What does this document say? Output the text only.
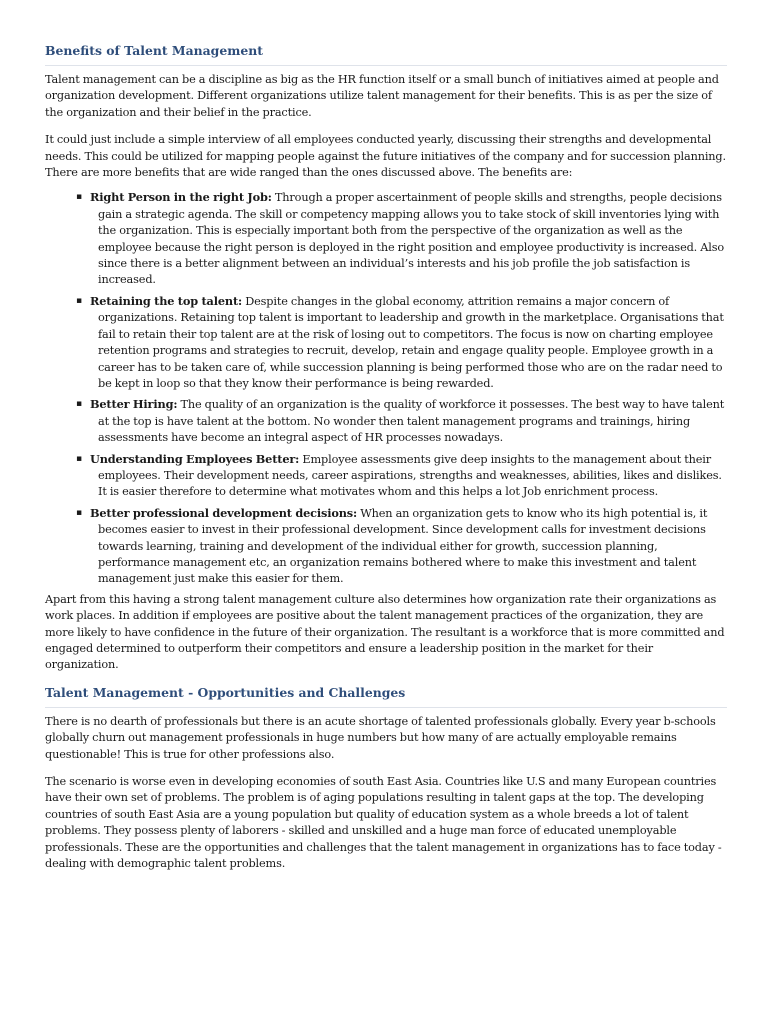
Benefits of Talent Management

Talent management can be a discipline as big as the HR function itself or a small bunch of initiatives aimed at people and organization development. Different organizations utilize talent management for their benefits. This is as per the size of the organization and their belief in the practice.

It could just include a simple interview of all employees conducted yearly, discussing their strengths and developmental needs. This could be utilized for mapping people against the future initiatives of the company and for succession planning. There are more benefits that are wide ranged than the ones discussed above. The benefits are:

▪ Right Person in the right Job: Through a proper ascertainment of people skills and strengths, people decisions gain a strategic agenda. The skill or competency mapping allows you to take stock of skill inventories lying with the organization. This is especially important both from the perspective of the organization as well as the employee because the right person is deployed in the right position and employee productivity is increased. Also since there is a better alignment between an individual’s interests and his job profile the job satisfaction is increased.
▪ Retaining the top talent: Despite changes in the global economy, attrition remains a major concern of organizations. Retaining top talent is important to leadership and growth in the marketplace. Organisations that fail to retain their top talent are at the risk of losing out to competitors. The focus is now on charting employee retention programs and strategies to recruit, develop, retain and engage quality people. Employee growth in a career has to be taken care of, while succession planning is being performed those who are on the radar need to be kept in loop so that they know their performance is being rewarded.
▪ Better Hiring: The quality of an organization is the quality of workforce it possesses. The best way to have talent at the top is have talent at the bottom. No wonder then talent management programs and trainings, hiring assessments have become an integral aspect of HR processes nowadays.
▪ Understanding Employees Better: Employee assessments give deep insights to the management about their employees. Their development needs, career aspirations, strengths and weaknesses, abilities, likes and dislikes. It is easier therefore to determine what motivates whom and this helps a lot Job enrichment process.
▪ Better professional development decisions: When an organization gets to know who its high potential is, it becomes easier to invest in their professional development. Since development calls for investment decisions towards learning, training and development of the individual either for growth, succession planning, performance management etc, an organization remains bothered where to make this investment and talent management just make this easier for them.

Apart from this having a strong talent management culture also determines how organization rate their organizations as work places. In addition if employees are positive about the talent management practices of the organization, they are more likely to have confidence in the future of their organization. The resultant is a workforce that is more committed and engaged determined to outperform their competitors and ensure a leadership position in the market for their organization.

Talent Management - Opportunities and Challenges

There is no dearth of professionals but there is an acute shortage of talented professionals globally. Every year b-schools globally churn out management professionals in huge numbers but how many of are actually employable remains questionable! This is true for other professions also.

The scenario is worse even in developing economies of south East Asia. Countries like U.S and many European countries have their own set of problems. The problem is of aging populations resulting in talent gaps at the top. The developing countries of south East Asia are a young population but quality of education system as a whole breeds a lot of talent problems. They possess plenty of laborers - skilled and unskilled and a huge man force of educated unemployable professionals. These are the opportunities and challenges that the talent management in organizations has to face today - dealing with demographic talent problems.
